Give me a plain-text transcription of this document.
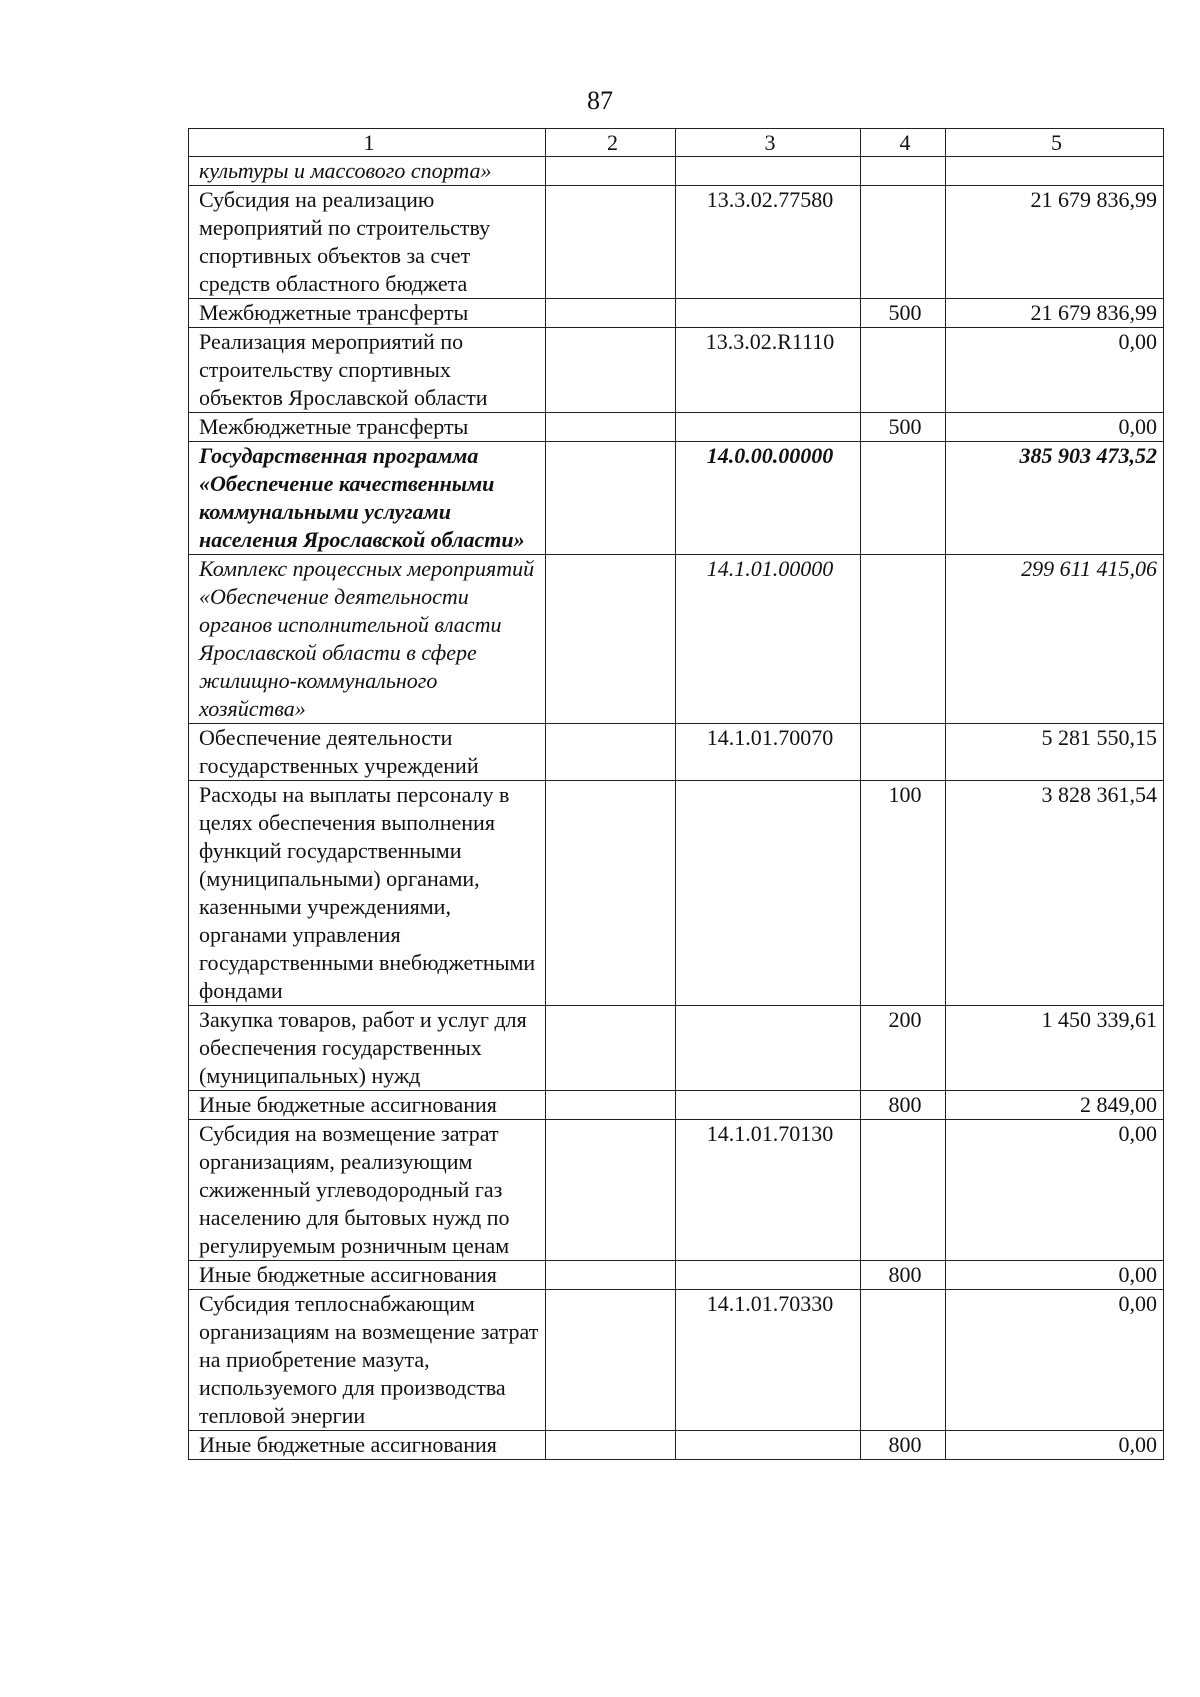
87
1	2	3	4	5
культуры и массового спорта»				
Субсидия на реализацию мероприятий по строительству спортивных объектов за счет средств областного бюджета		13.3.02.77580		21 679 836,99
Межбюджетные трансферты			500	21 679 836,99
Реализация мероприятий по строительству спортивных объектов Ярославской области		13.3.02.R1110		0,00
Межбюджетные трансферты			500	0,00
Государственная программа «Обеспечение качественными коммунальными услугами населения Ярославской области»		14.0.00.00000		385 903 473,52
Комплекс процессных мероприятий «Обеспечение деятельности органов исполнительной власти Ярославской области в сфере жилищно-коммунального хозяйства»		14.1.01.00000		299 611 415,06
Обеспечение деятельности государственных учреждений		14.1.01.70070		5 281 550,15
Расходы на выплаты персоналу в целях обеспечения выполнения функций государственными (муниципальными) органами, казенными учреждениями, органами управления государственными внебюджетными фондами			100	3 828 361,54
Закупка товаров, работ и услуг для обеспечения государственных (муниципальных) нужд			200	1 450 339,61
Иные бюджетные ассигнования			800	2 849,00
Субсидия на возмещение затрат организациям, реализующим сжиженный углеводородный газ населению для бытовых нужд по регулируемым розничным ценам		14.1.01.70130		0,00
Иные бюджетные ассигнования			800	0,00
Субсидия теплоснабжающим организациям на возмещение затрат на приобретение мазута, используемого для производства тепловой энергии		14.1.01.70330		0,00
Иные бюджетные ассигнования			800	0,00
